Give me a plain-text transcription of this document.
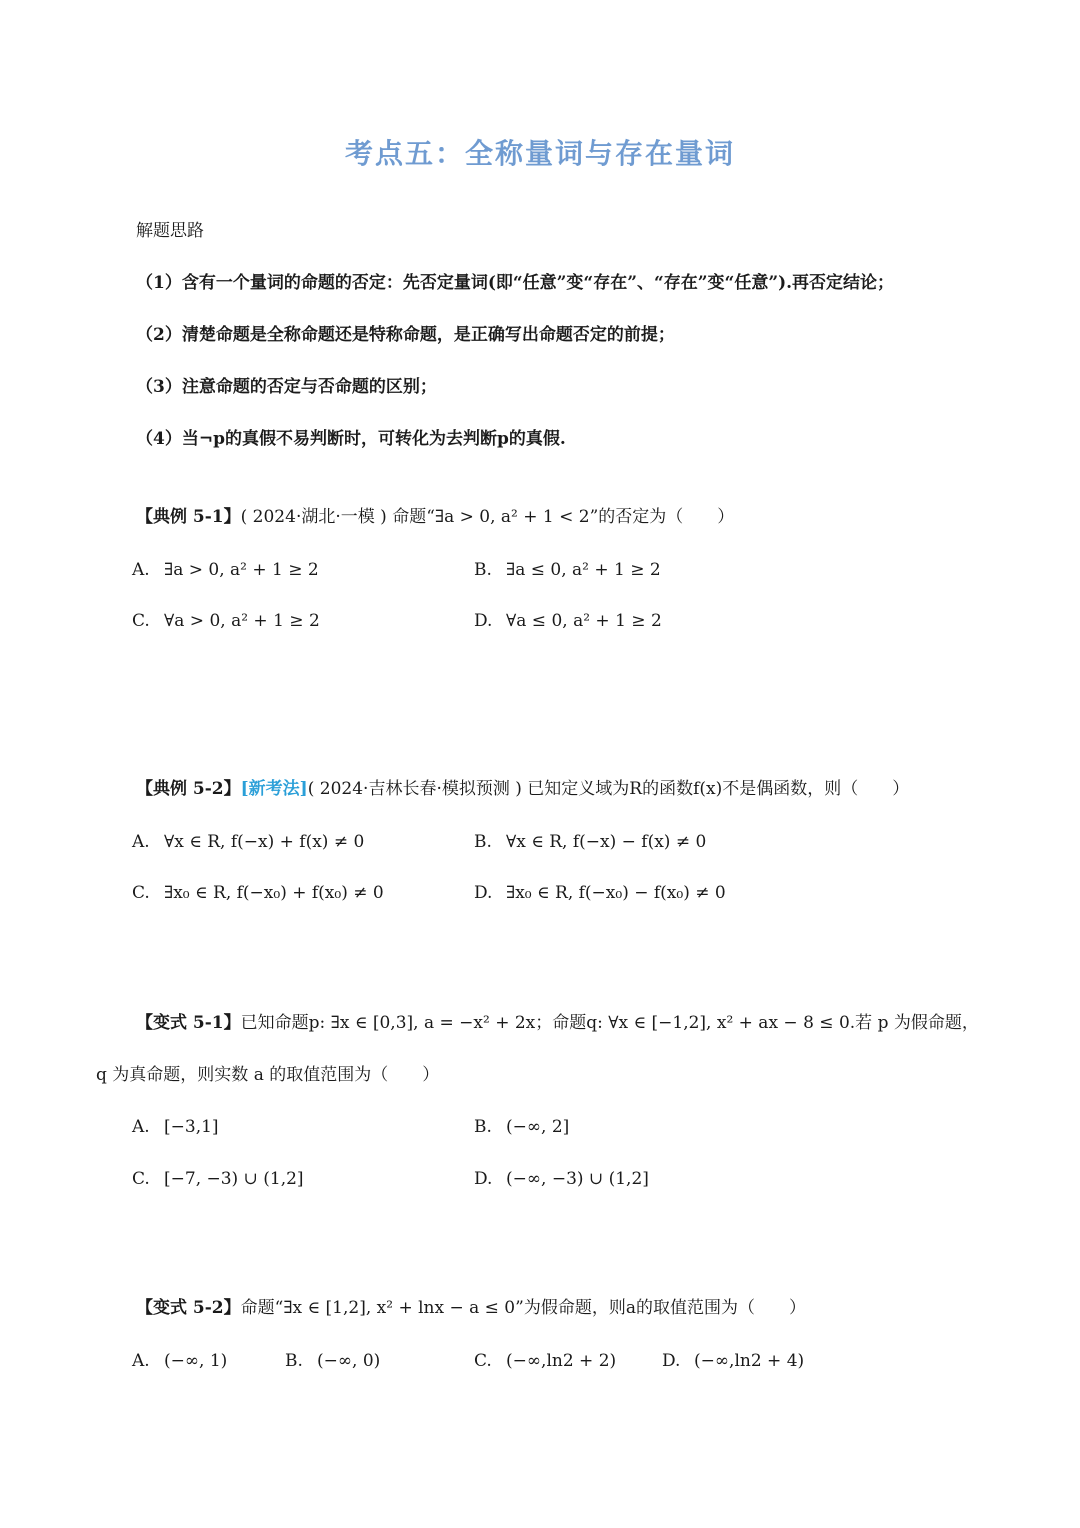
考点五：全称量词与存在量词
解题思路
（1）含有一个量词的命题的否定：先否定量词(即“任意”变“存在”、“存在”变“任意”).再否定结论；
（2）清楚命题是全称命题还是特称命题，是正确写出命题否定的前提；
（3）注意命题的否定与否命题的区别；
（4）当¬p的真假不易判断时，可转化为去判断p的真假.
【典例 5-1】( 2024·湖北·一模 ) 命题“∃a > 0, a² + 1 < 2”的否定为（　　）
A. ∃a > 0, a² + 1 ≥ 2	B. ∃a ≤ 0, a² + 1 ≥ 2
C. ∀a > 0, a² + 1 ≥ 2	D. ∀a ≤ 0, a² + 1 ≥ 2
【典例 5-2】[新考法]( 2024·吉林长春·模拟预测 ) 已知定义域为R的函数f(x)不是偶函数，则（　　）
A. ∀x ∈ R, f(−x) + f(x) ≠ 0	B. ∀x ∈ R, f(−x) − f(x) ≠ 0
C. ∃x₀ ∈ R, f(−x₀) + f(x₀) ≠ 0	D. ∃x₀ ∈ R, f(−x₀) − f(x₀) ≠ 0
【变式 5-1】已知命题p: ∃x ∈ [0,3], a = −x² + 2x；命题q: ∀x ∈ [−1,2], x² + ax − 8 ≤ 0.若 p 为假命题，
q 为真命题，则实数 a 的取值范围为（　　）
A. [−3,1]	B. (−∞, 2]
C. [−7, −3) ∪ (1,2]	D. (−∞, −3) ∪ (1,2]
【变式 5-2】命题“∃x ∈ [1,2], x² + lnx − a ≤ 0”为假命题，则a的取值范围为（　　）
A. (−∞, 1)	B. (−∞, 0)	C. (−∞,ln2 + 2)	D. (−∞,ln2 + 4)
